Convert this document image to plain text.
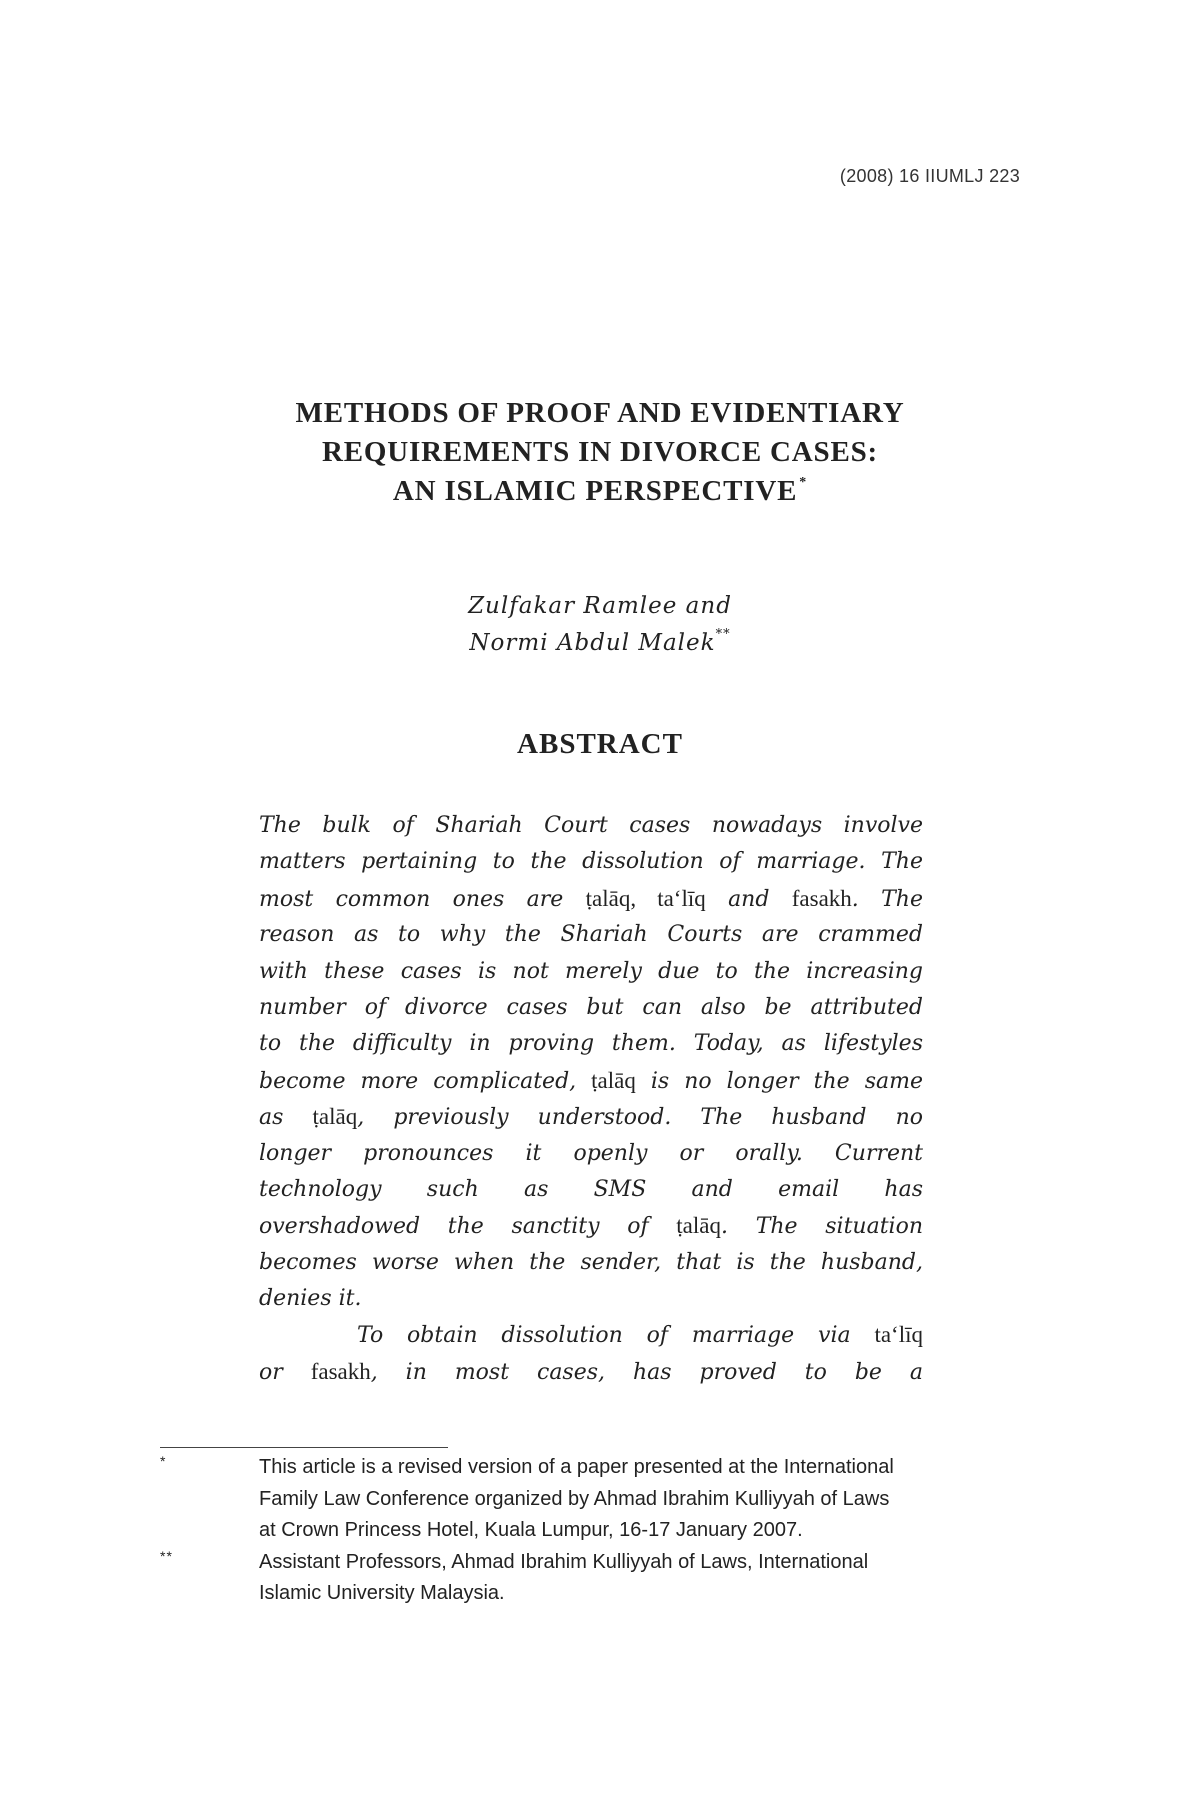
(2008) 16 IIUMLJ 223
METHODS OF PROOF AND EVIDENTIARY
REQUIREMENTS IN DIVORCE CASES:
AN ISLAMIC PERSPECTIVE *
Zulfakar Ramlee and
Normi Abdul Malek**
ABSTRACT
The bulk of Shariah Court cases nowadays involve
matters pertaining to the dissolution of marriage. The
most common ones are ṭalāq, ta‘līq and fasakh. The
reason as to why the Shariah Courts are crammed
with these cases is not merely due to the increasing
number of divorce cases but can also be attributed
to the difficulty in proving them. Today, as lifestyles
become more complicated, ṭalāq is no longer the same
as ṭalāq, previously understood. The husband no
longer pronounces it openly or orally. Current
technology such as SMS and email has
overshadowed the sanctity of ṭalāq. The situation
becomes worse when the sender, that is the husband,
denies it.
To obtain dissolution of marriage via ta‘līq
or fasakh, in most cases, has proved to be a
*	This article is a revised version of a paper presented at the International
Family Law Conference organized by Ahmad Ibrahim Kulliyyah of Laws
at Crown Princess Hotel, Kuala Lumpur, 16-17 January 2007.
**	Assistant Professors, Ahmad Ibrahim Kulliyyah of Laws, International
Islamic University Malaysia.
